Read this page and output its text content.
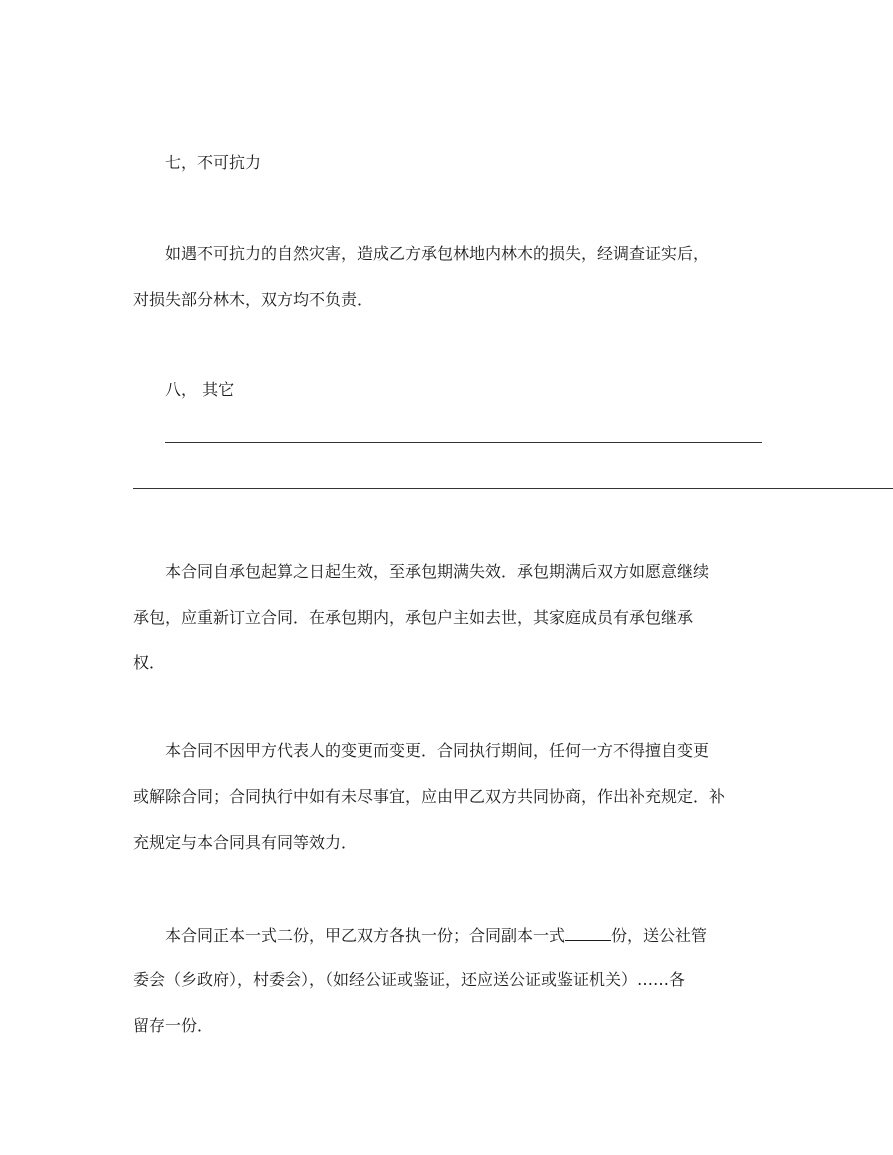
七，不可抗力
如遇不可抗力的自然灾害，造成乙方承包林地内林木的损失，经调查证实后，
对损失部分林木，双方均不负责．
八， 其它
本合同自承包起算之日起生效，至承包期满失效．承包期满后双方如愿意继续
承包，应重新订立合同．在承包期内，承包户主如去世，其家庭成员有承包继承
权．
本合同不因甲方代表人的变更而变更．合同执行期间，任何一方不得擅自变更
或解除合同；合同执行中如有未尽事宜，应由甲乙双方共同协商，作出补充规定．补
充规定与本合同具有同等效力．
本合同正本一式二份，甲乙双方各执一份；合同副本一式	份，送公社管
委会（乡政府），村委会），（如经公证或鉴证，还应送公证或鉴证机关）……各
留存一份．
